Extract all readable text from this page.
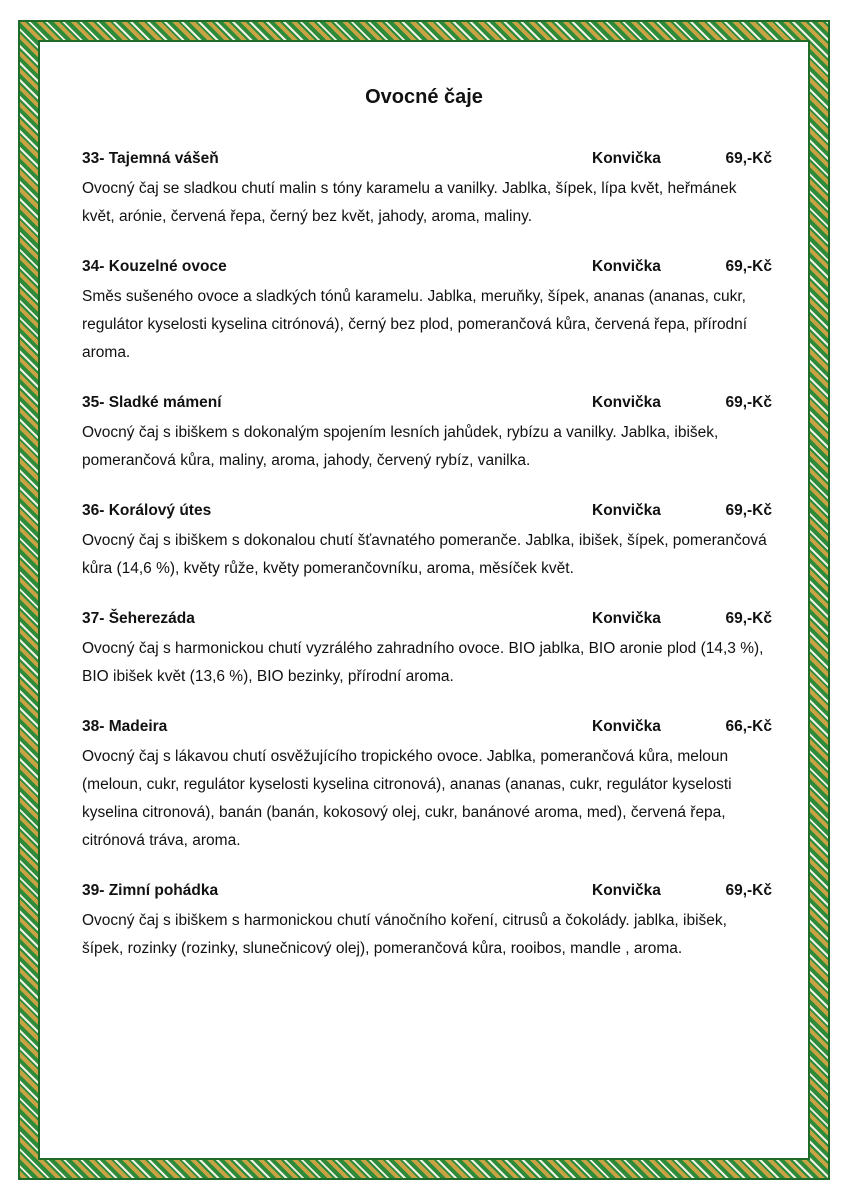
Ovocné čaje
33- Tajemná vášeň	Konvička	69,-Kč
Ovocný čaj se sladkou chutí malin s tóny karamelu a vanilky. Jablka, šípek, lípa květ, heřmánek květ, arónie, červená řepa, černý bez květ, jahody, aroma, maliny.
34- Kouzelné ovoce	Konvička	69,-Kč
Směs sušeného ovoce a sladkých tónů karamelu. Jablka, meruňky, šípek, ananas (ananas, cukr, regulátor kyselosti kyselina citrónová), černý bez plod, pomerančová kůra, červená řepa, přírodní aroma.
35- Sladké mámení	Konvička	69,-Kč
Ovocný čaj s ibiškem s dokonalým spojením lesních jahůdek, rybízu a vanilky. Jablka, ibišek, pomerančová kůra, maliny, aroma, jahody, červený rybíz, vanilka.
36- Korálový útes	Konvička	69,-Kč
Ovocný čaj s ibiškem s dokonalou chutí šťavnatého pomeranče. Jablka, ibišek, šípek, pomerančová kůra (14,6 %), květy růže, květy pomerančovníku, aroma, měsíček květ.
37- Šeherezáda	Konvička	69,-Kč
Ovocný čaj s harmonickou chutí vyzrálého zahradního ovoce. BIO jablka, BIO aronie plod (14,3 %), BIO ibišek květ (13,6 %), BIO bezinky, přírodní aroma.
38- Madeira	Konvička	66,-Kč
Ovocný čaj s lákavou chutí osvěžujícího tropického ovoce. Jablka, pomerančová kůra, meloun (meloun, cukr, regulátor kyselosti kyselina citronová), ananas (ananas, cukr, regulátor kyselosti kyselina citronová), banán (banán, kokosový olej, cukr, banánové aroma, med), červená řepa, citrónová tráva, aroma.
39- Zimní pohádka	Konvička	69,-Kč
Ovocný čaj s ibiškem s harmonickou chutí vánočního koření, citrusů a čokolády. jablka, ibišek, šípek, rozinky (rozinky, slunečnicový olej), pomerančová kůra, rooibos, mandle , aroma.
